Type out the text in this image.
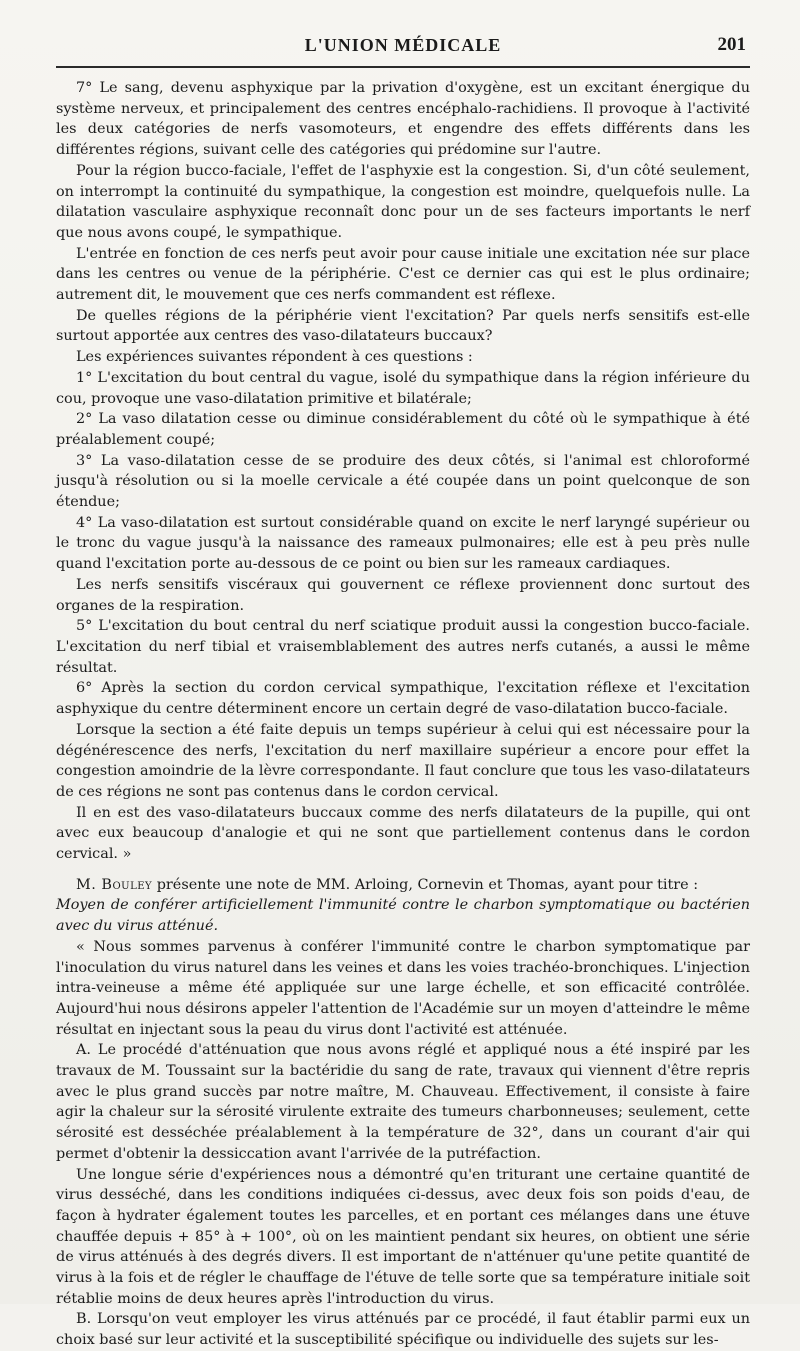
L'UNION MÉDICALE	201

7° Le sang, devenu asphyxique par la privation d'oxygène, est un excitant énergique du système nerveux, et principalement des centres encéphalo-rachidiens. Il provoque à l'activité les deux catégories de nerfs vasomoteurs, et engendre des effets différents dans les différentes régions, suivant celle des catégories qui prédomine sur l'autre.

Pour la région bucco-faciale, l'effet de l'asphyxie est la congestion. Si, d'un côté seulement, on interrompt la continuité du sympathique, la congestion est moindre, quelquefois nulle. La dilatation vasculaire asphyxique reconnaît donc pour un de ses facteurs importants le nerf que nous avons coupé, le sympathique.

L'entrée en fonction de ces nerfs peut avoir pour cause initiale une excitation née sur place dans les centres ou venue de la périphérie. C'est ce dernier cas qui est le plus ordinaire; autrement dit, le mouvement que ces nerfs commandent est réflexe.

De quelles régions de la périphérie vient l'excitation? Par quels nerfs sensitifs est-elle surtout apportée aux centres des vaso-dilatateurs buccaux?

Les expériences suivantes répondent à ces questions :

1° L'excitation du bout central du vague, isolé du sympathique dans la région inférieure du cou, provoque une vaso-dilatation primitive et bilatérale;

2° La vaso dilatation cesse ou diminue considérablement du côté où le sympathique à été préalablement coupé;

3° La vaso-dilatation cesse de se produire des deux côtés, si l'animal est chloroformé jusqu'à résolution ou si la moelle cervicale a été coupée dans un point quelconque de son étendue;

4° La vaso-dilatation est surtout considérable quand on excite le nerf laryngé supérieur ou le tronc du vague jusqu'à la naissance des rameaux pulmonaires; elle est à peu près nulle quand l'excitation porte au-dessous de ce point ou bien sur les rameaux cardiaques.

Les nerfs sensitifs viscéraux qui gouvernent ce réflexe proviennent donc surtout des organes de la respiration.

5° L'excitation du bout central du nerf sciatique produit aussi la congestion bucco-faciale. L'excitation du nerf tibial et vraisemblablement des autres nerfs cutanés, a aussi le même résultat.

6° Après la section du cordon cervical sympathique, l'excitation réflexe et l'excitation asphyxique du centre déterminent encore un certain degré de vaso-dilatation bucco-faciale.

Lorsque la section a été faite depuis un temps supérieur à celui qui est nécessaire pour la dégénérescence des nerfs, l'excitation du nerf maxillaire supérieur a encore pour effet la congestion amoindrie de la lèvre correspondante. Il faut conclure que tous les vaso-dilatateurs de ces régions ne sont pas contenus dans le cordon cervical.

Il en est des vaso-dilatateurs buccaux comme des nerfs dilatateurs de la pupille, qui ont avec eux beaucoup d'analogie et qui ne sont que partiellement contenus dans le cordon cervical. »

M. Bouley présente une note de MM. Arloing, Cornevin et Thomas, ayant pour titre :

Moyen de conférer artificiellement l'immunité contre le charbon symptomatique ou bactérien avec du virus atténué.

« Nous sommes parvenus à conférer l'immunité contre le charbon symptomatique par l'inoculation du virus naturel dans les veines et dans les voies trachéo-bronchiques. L'injection intra-veineuse a même été appliquée sur une large échelle, et son efficacité contrôlée. Aujourd'hui nous désirons appeler l'attention de l'Académie sur un moyen d'atteindre le même résultat en injectant sous la peau du virus dont l'activité est atténuée.

A. Le procédé d'atténuation que nous avons réglé et appliqué nous a été inspiré par les travaux de M. Toussaint sur la bactéridie du sang de rate, travaux qui viennent d'être repris avec le plus grand succès par notre maître, M. Chauveau. Effectivement, il consiste à faire agir la chaleur sur la sérosité virulente extraite des tumeurs charbonneuses; seulement, cette sérosité est desséchée préalablement à la température de 32°, dans un courant d'air qui permet d'obtenir la dessiccation avant l'arrivée de la putréfaction.

Une longue série d'expériences nous a démontré qu'en triturant une certaine quantité de virus desséché, dans les conditions indiquées ci-dessus, avec deux fois son poids d'eau, de façon à hydrater également toutes les parcelles, et en portant ces mélanges dans une étuve chauffée depuis + 85° à + 100°, où on les maintient pendant six heures, on obtient une série de virus atténués à des degrés divers. Il est important de n'atténuer qu'une petite quantité de virus à la fois et de régler le chauffage de l'étuve de telle sorte que sa température initiale soit rétablie moins de deux heures après l'introduction du virus.

B. Lorsqu'on veut employer les virus atténués par ce procédé, il faut établir parmi eux un choix basé sur leur activité et la susceptibilité spécifique ou individuelle des sujets sur les-
